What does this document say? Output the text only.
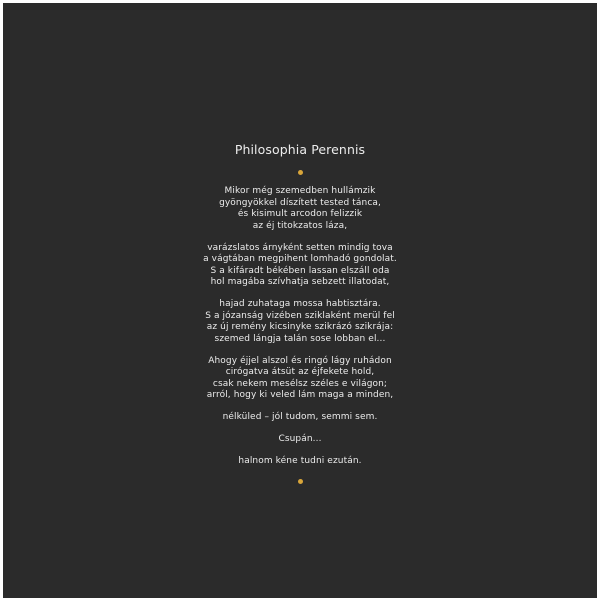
Philosophia Perennis

Mikor még szemedben hullámzik
gyöngyökkel díszített tested tánca,
és kisimult arcodon felizzik
az éj titokzatos láza,

varázslatos árnyként setten mindig tova
a vágtában megpihent lomhadó gondolat.
S a kifáradt békében lassan elszáll oda
hol magába szívhatja sebzett illatodat,

hajad zuhataga mossa habtisztára.
S a józanság vizében sziklaként merül fel
az új remény kicsinyke szikrázó szikrája:
szemed lángja talán sose lobban el...

Ahogy éjjel alszol és ringó lágy ruhádon
cirógatva átsüt az éjfekete hold,
csak nekem mesélsz széles e világon;
arról, hogy ki veled lám maga a minden,

nélküled – jól tudom, semmi sem.

Csupán...

halnom kéne tudni ezután.
